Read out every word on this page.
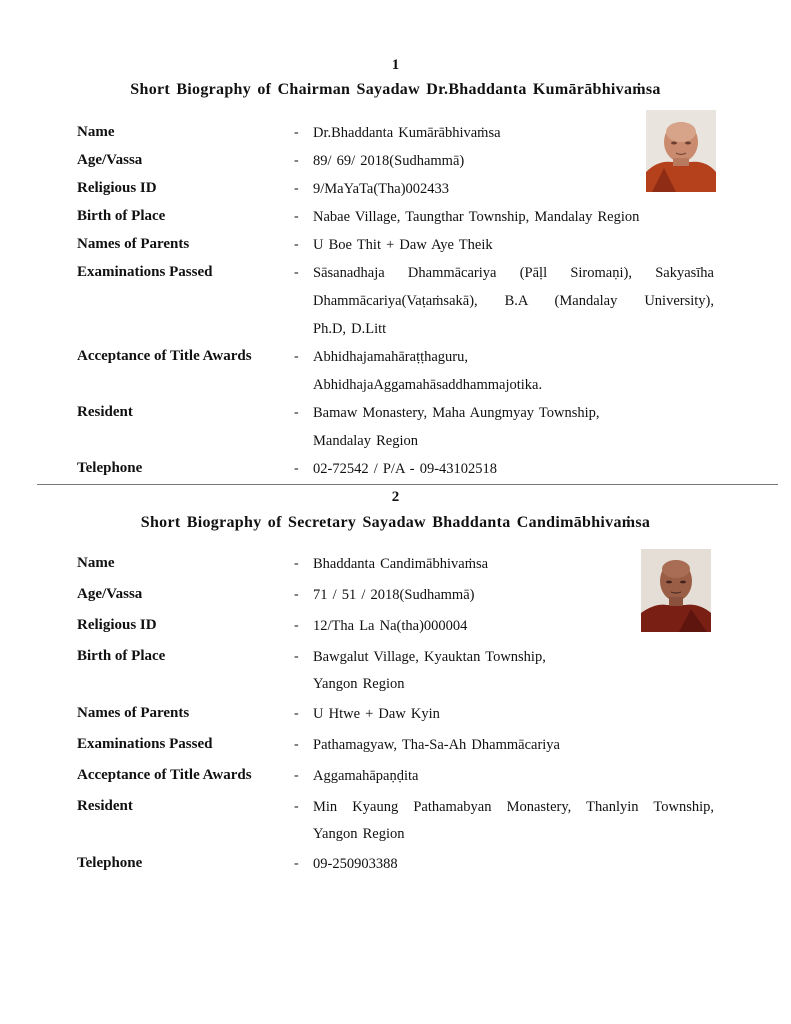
1
Short Biography of Chairman Sayadaw Dr.Bhaddanta Kumārābhivaṁsa
Name	- Dr.Bhaddanta Kumārābhivaṁsa
Age/Vassa	- 89/ 69/ 2018(Sudhammā)
Religious ID	- 9/MaYaTa(Tha)002433
Birth of Place	- Nabae Village, Taungthar Township, Mandalay Region
Names of Parents	- U Boe Thit + Daw Aye Theik
Examinations Passed	- Sāsanadhaja Dhammācariya (Pāḷl Siromaṇi), Sakyasīha
Dhammācariya(Vaṭaṁsakā), B.A (Mandalay University),
Ph.D, D.Litt
Acceptance of Title Awards	- Abhidhajamahāraṭṭhaguru,
AbhidhajaAggamahāsaddhammajotika.
Resident	- Bamaw Monastery, Maha Aungmyay Township,
Mandalay Region
Telephone	- 02-72542 / P/A - 09-43102518
2
Short Biography of Secretary Sayadaw Bhaddanta Candimābhivaṁsa
Name	- Bhaddanta Candimābhivaṁsa
Age/Vassa	- 71 / 51 / 2018(Sudhammā)
Religious ID	- 12/Tha La Na(tha)000004
Birth of Place	- Bawgalut Village, Kyauktan Township,
Yangon Region
Names of Parents	- U Htwe + Daw Kyin
Examinations Passed	- Pathamagyaw, Tha-Sa-Ah Dhammācariya
Acceptance of Title Awards	- Aggamahāpaṇḍita
Resident	- Min Kyaung Pathamabyan Monastery, Thanlyin Township,
Yangon Region
Telephone	- 09-250903388
